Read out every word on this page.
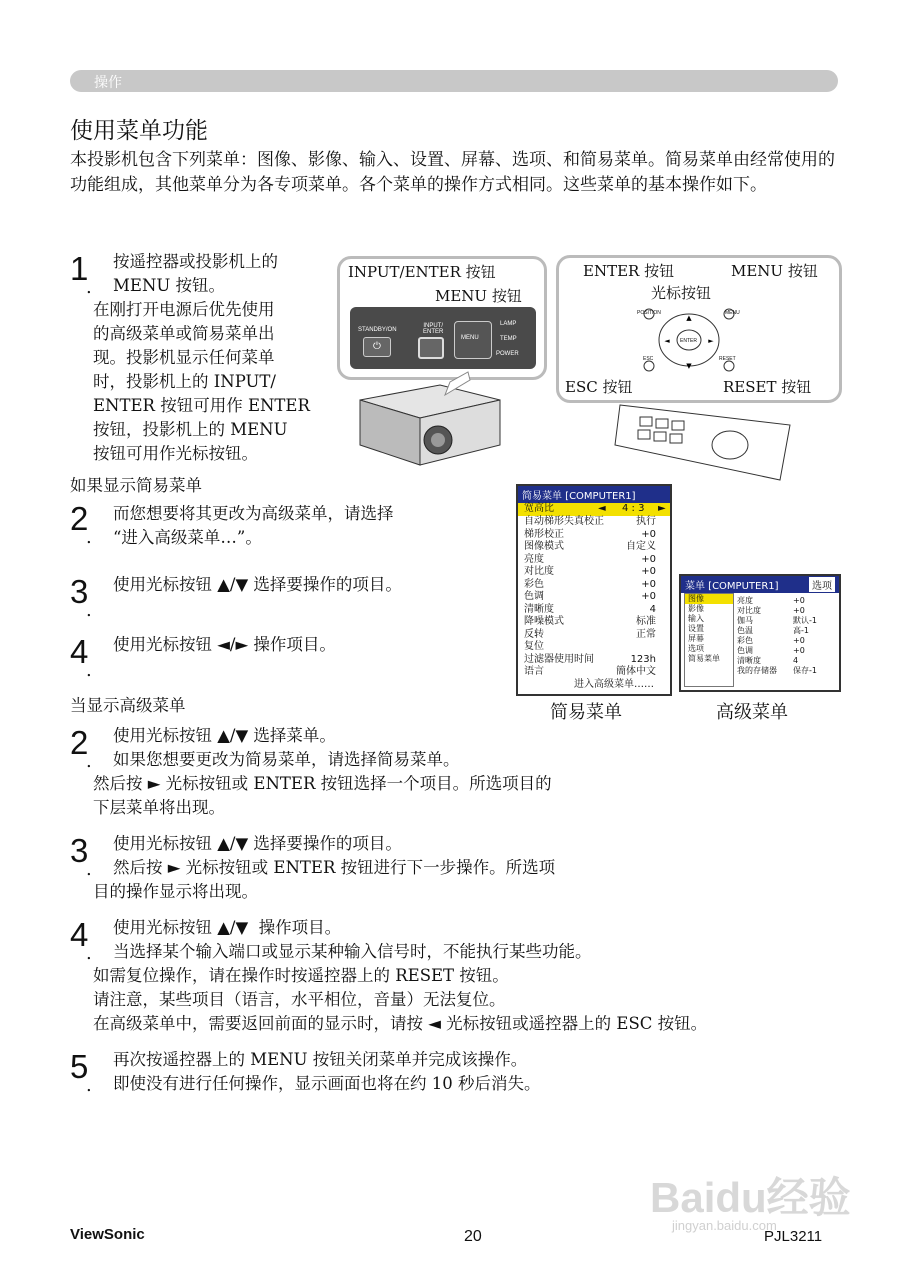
操作
使用菜单功能
本投影机包含下列菜单：图像、影像、输入、设置、屏幕、选项、和简易菜单。简易菜单由经常使用的功能组成，其他菜单分为各专项菜单。各个菜单的操作方式相同。这些菜单的基本操作如下。
1
.
按遥控器或投影机上的
MENU 按钮。
在刚打开电源后优先使用
的高级菜单或简易菜单出
现。投影机显示任何菜单
时，投影机上的 INPUT/
ENTER 按钮可用作 ENTER
按钮，投影机上的 MENU
按钮可用作光标按钮。
INPUT/ENTER 按钮
MENU 按钮
STANDBY/ON
⏻
INPUT/
ENTER
MENU
LAMP
TEMP
POWER
ENTER 按钮	MENU 按钮
光标按钮
ESC 按钮	RESET 按钮
▲
▼
◄	►
POSITION	MENU
ENTER
ESC	RESET
如果显示简易菜单
2
.
而您想要将其更改为高级菜单，请选择
“进入高级菜单…”。
3
.
使用光标按钮 ▲/▼ 选择要操作的项目。
4
.
使用光标按钮 ◄/► 操作项目。
简易菜单 [COMPUTER1]
宽高比	◄ 4 : 3 ►
自动梯形失真校正	执行
梯形校正	+0
图像模式	自定义
亮度	+0
对比度	+0
彩色	+0
色调	+0
清晰度	4
降噪模式	标准
反转	正常
复位
过滤器使用时间	123h
语言	簡体中文
进入高级菜单……
简易菜单
菜单 [COMPUTER1]	选项
图像
影像
输入
设置
屏幕
选项
简易菜单
亮度	+0
对比度	+0
伽马	默认-1
色温	高-1
彩色	+0
色调	+0
清晰度	4
我的存储器 保存-1
高级菜单
当显示高级菜单
2
.
使用光标按钮 ▲/▼ 选择菜单。
如果您想要更改为简易菜单，请选择简易菜单。
然后按 ► 光标按钮或 ENTER 按钮选择一个项目。所选项目的
下层菜单将出现。
3
.
使用光标按钮 ▲/▼ 选择要操作的项目。
然后按 ► 光标按钮或 ENTER 按钮进行下一步操作。所选项
目的操作显示将出现。
4
.
使用光标按钮 ▲/▼  操作项目。
当选择某个输入端口或显示某种输入信号时，不能执行某些功能。
如需复位操作，请在操作时按遥控器上的 RESET 按钮。
请注意，某些项目（语言，水平相位，音量）无法复位。
在高级菜单中，需要返回前面的显示时，请按 ◄ 光标按钮或遥控器上的 ESC 按钮。
5
.
再次按遥控器上的 MENU 按钮关闭菜单并完成该操作。
即使没有进行任何操作，显示画面也将在约 10 秒后消失。
Baidu经验
jingyan.baidu.com
ViewSonic	20	PJL3211
